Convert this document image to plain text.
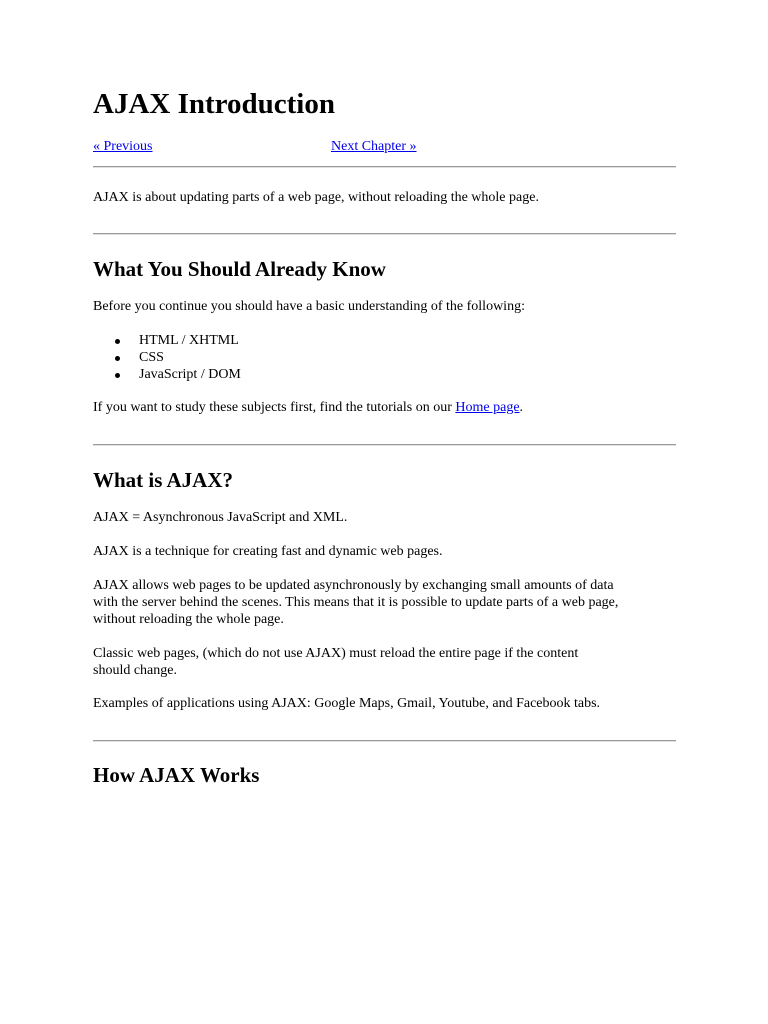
AJAX Introduction
« Previous	Next Chapter »

AJAX is about updating parts of a web page, without reloading the whole page.

What You Should Already Know

Before you continue you should have a basic understanding of the following:

HTML / XHTML
CSS
JavaScript / DOM

If you want to study these subjects first, find the tutorials on our Home page.

What is AJAX?

AJAX = Asynchronous JavaScript and XML.

AJAX is a technique for creating fast and dynamic web pages.

AJAX allows web pages to be updated asynchronously by exchanging small amounts of data
with the server behind the scenes. This means that it is possible to update parts of a web page,
without reloading the whole page.

Classic web pages, (which do not use AJAX) must reload the entire page if the content
should change.

Examples of applications using AJAX: Google Maps, Gmail, Youtube, and Facebook tabs.

How AJAX Works
